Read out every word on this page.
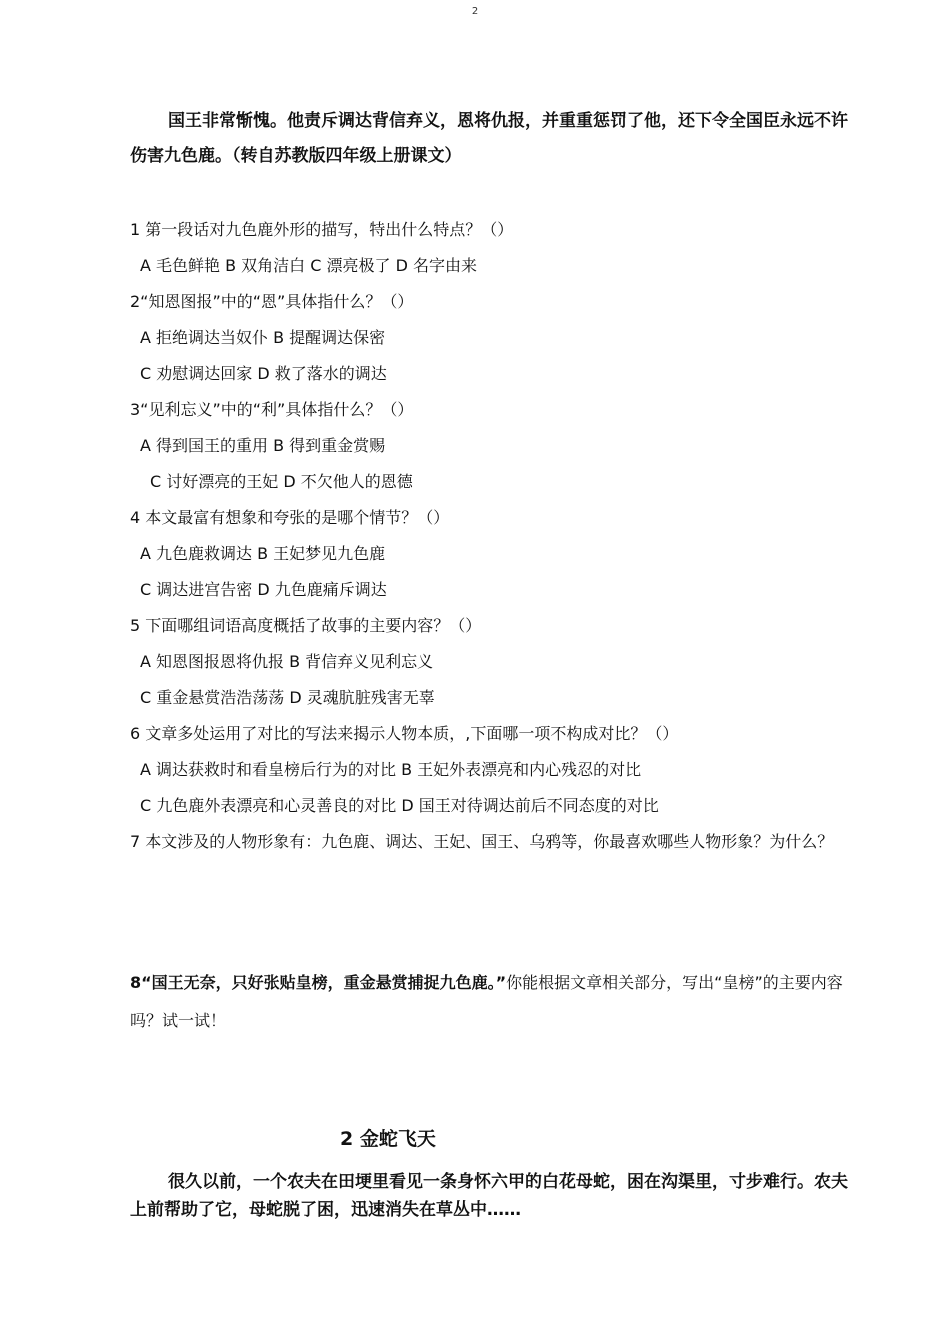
2
国王非常惭愧。他责斥调达背信弃义，恩将仇报，并重重惩罚了他，还下令全国臣永远不许伤害九色鹿。（转自苏教版四年级上册课文）
1 第一段话对九色鹿外形的描写，特出什么特点？（）
A 毛色鲜艳 B 双角洁白 C 漂亮极了 D 名字由来
2“知恩图报”中的“恩”具体指什么？（）
A 拒绝调达当奴仆 B 提醒调达保密
C 劝慰调达回家 D 救了落水的调达
3“见利忘义”中的“利”具体指什么？（）
A 得到国王的重用 B 得到重金赏赐
C 讨好漂亮的王妃 D 不欠他人的恩德
4 本文最富有想象和夸张的是哪个情节？（）
A 九色鹿救调达 B 王妃梦见九色鹿
C 调达进宫告密 D 九色鹿痛斥调达
5 下面哪组词语高度概括了故事的主要内容？（）
A 知恩图报恩将仇报 B 背信弃义见利忘义
C 重金悬赏浩浩荡荡 D 灵魂肮脏残害无辜
6 文章多处运用了对比的写法来揭示人物本质，,下面哪一项不构成对比？（）
A 调达获救时和看皇榜后行为的对比 B 王妃外表漂亮和内心残忍的对比
C 九色鹿外表漂亮和心灵善良的对比 D 国王对待调达前后不同态度的对比
7 本文涉及的人物形象有：九色鹿、调达、王妃、国王、乌鸦等，你最喜欢哪些人物形象？为什么？
8“国王无奈，只好张贴皇榜，重金悬赏捕捉九色鹿。”你能根据文章相关部分，写出“皇榜”的主要内容吗？试一试！
2 金蛇飞天
很久以前，一个农夫在田埂里看见一条身怀六甲的白花母蛇，困在沟渠里，寸步难行。农夫上前帮助了它，母蛇脱了困，迅速消失在草丛中……
